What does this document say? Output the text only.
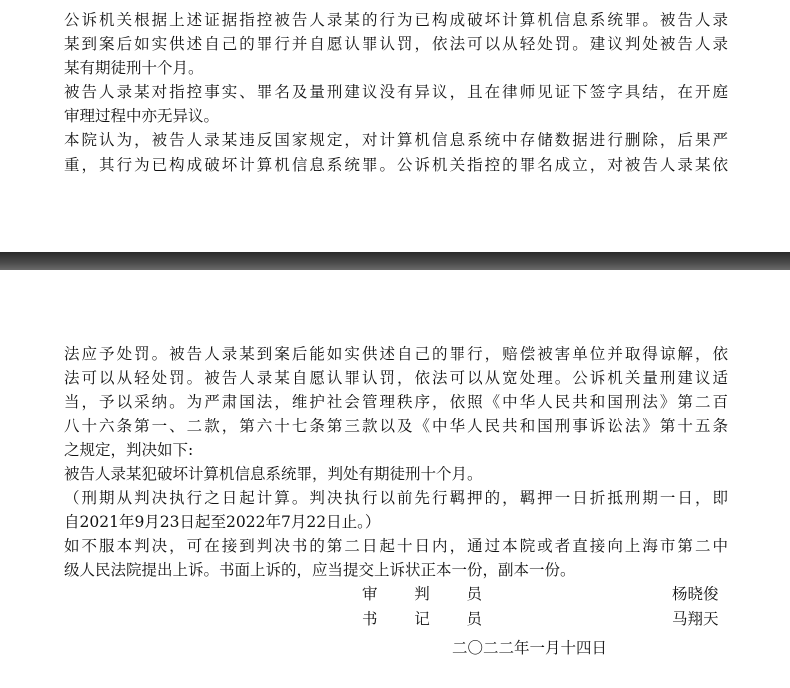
公诉机关根据上述证据指控被告人录某的行为已构成破坏计算机信息系统罪。被告人录
某到案后如实供述自己的罪行并自愿认罪认罚，依法可以从轻处罚。建议判处被告人录
某有期徒刑十个月。
被告人录某对指控事实、罪名及量刑建议没有异议，且在律师见证下签字具结，在开庭
审理过程中亦无异议。
本院认为，被告人录某违反国家规定，对计算机信息系统中存储数据进行删除，后果严
重，其行为已构成破坏计算机信息系统罪。公诉机关指控的罪名成立，对被告人录某依
法应予处罚。被告人录某到案后能如实供述自己的罪行，赔偿被害单位并取得谅解，依
法可以从轻处罚。被告人录某自愿认罪认罚，依法可以从宽处理。公诉机关量刑建议适
当，予以采纳。为严肃国法，维护社会管理秩序，依照《中华人民共和国刑法》第二百
八十六条第一、二款，第六十七条第三款以及《中华人民共和国刑事诉讼法》第十五条
之规定，判决如下:
被告人录某犯破坏计算机信息系统罪，判处有期徒刑十个月。
（刑期从判决执行之日起计算。判决执行以前先行羁押的，羁押一日折抵刑期一日，即
自2021年9月23日起至2022年7月22日止。）
如不服本判决，可在接到判决书的第二日起十日内，通过本院或者直接向上海市第二中
级人民法院提出上诉。书面上诉的，应当提交上诉状正本一份，副本一份。
审判员	杨晓俊
书记员	马翔天
二〇二二年一月十四日
